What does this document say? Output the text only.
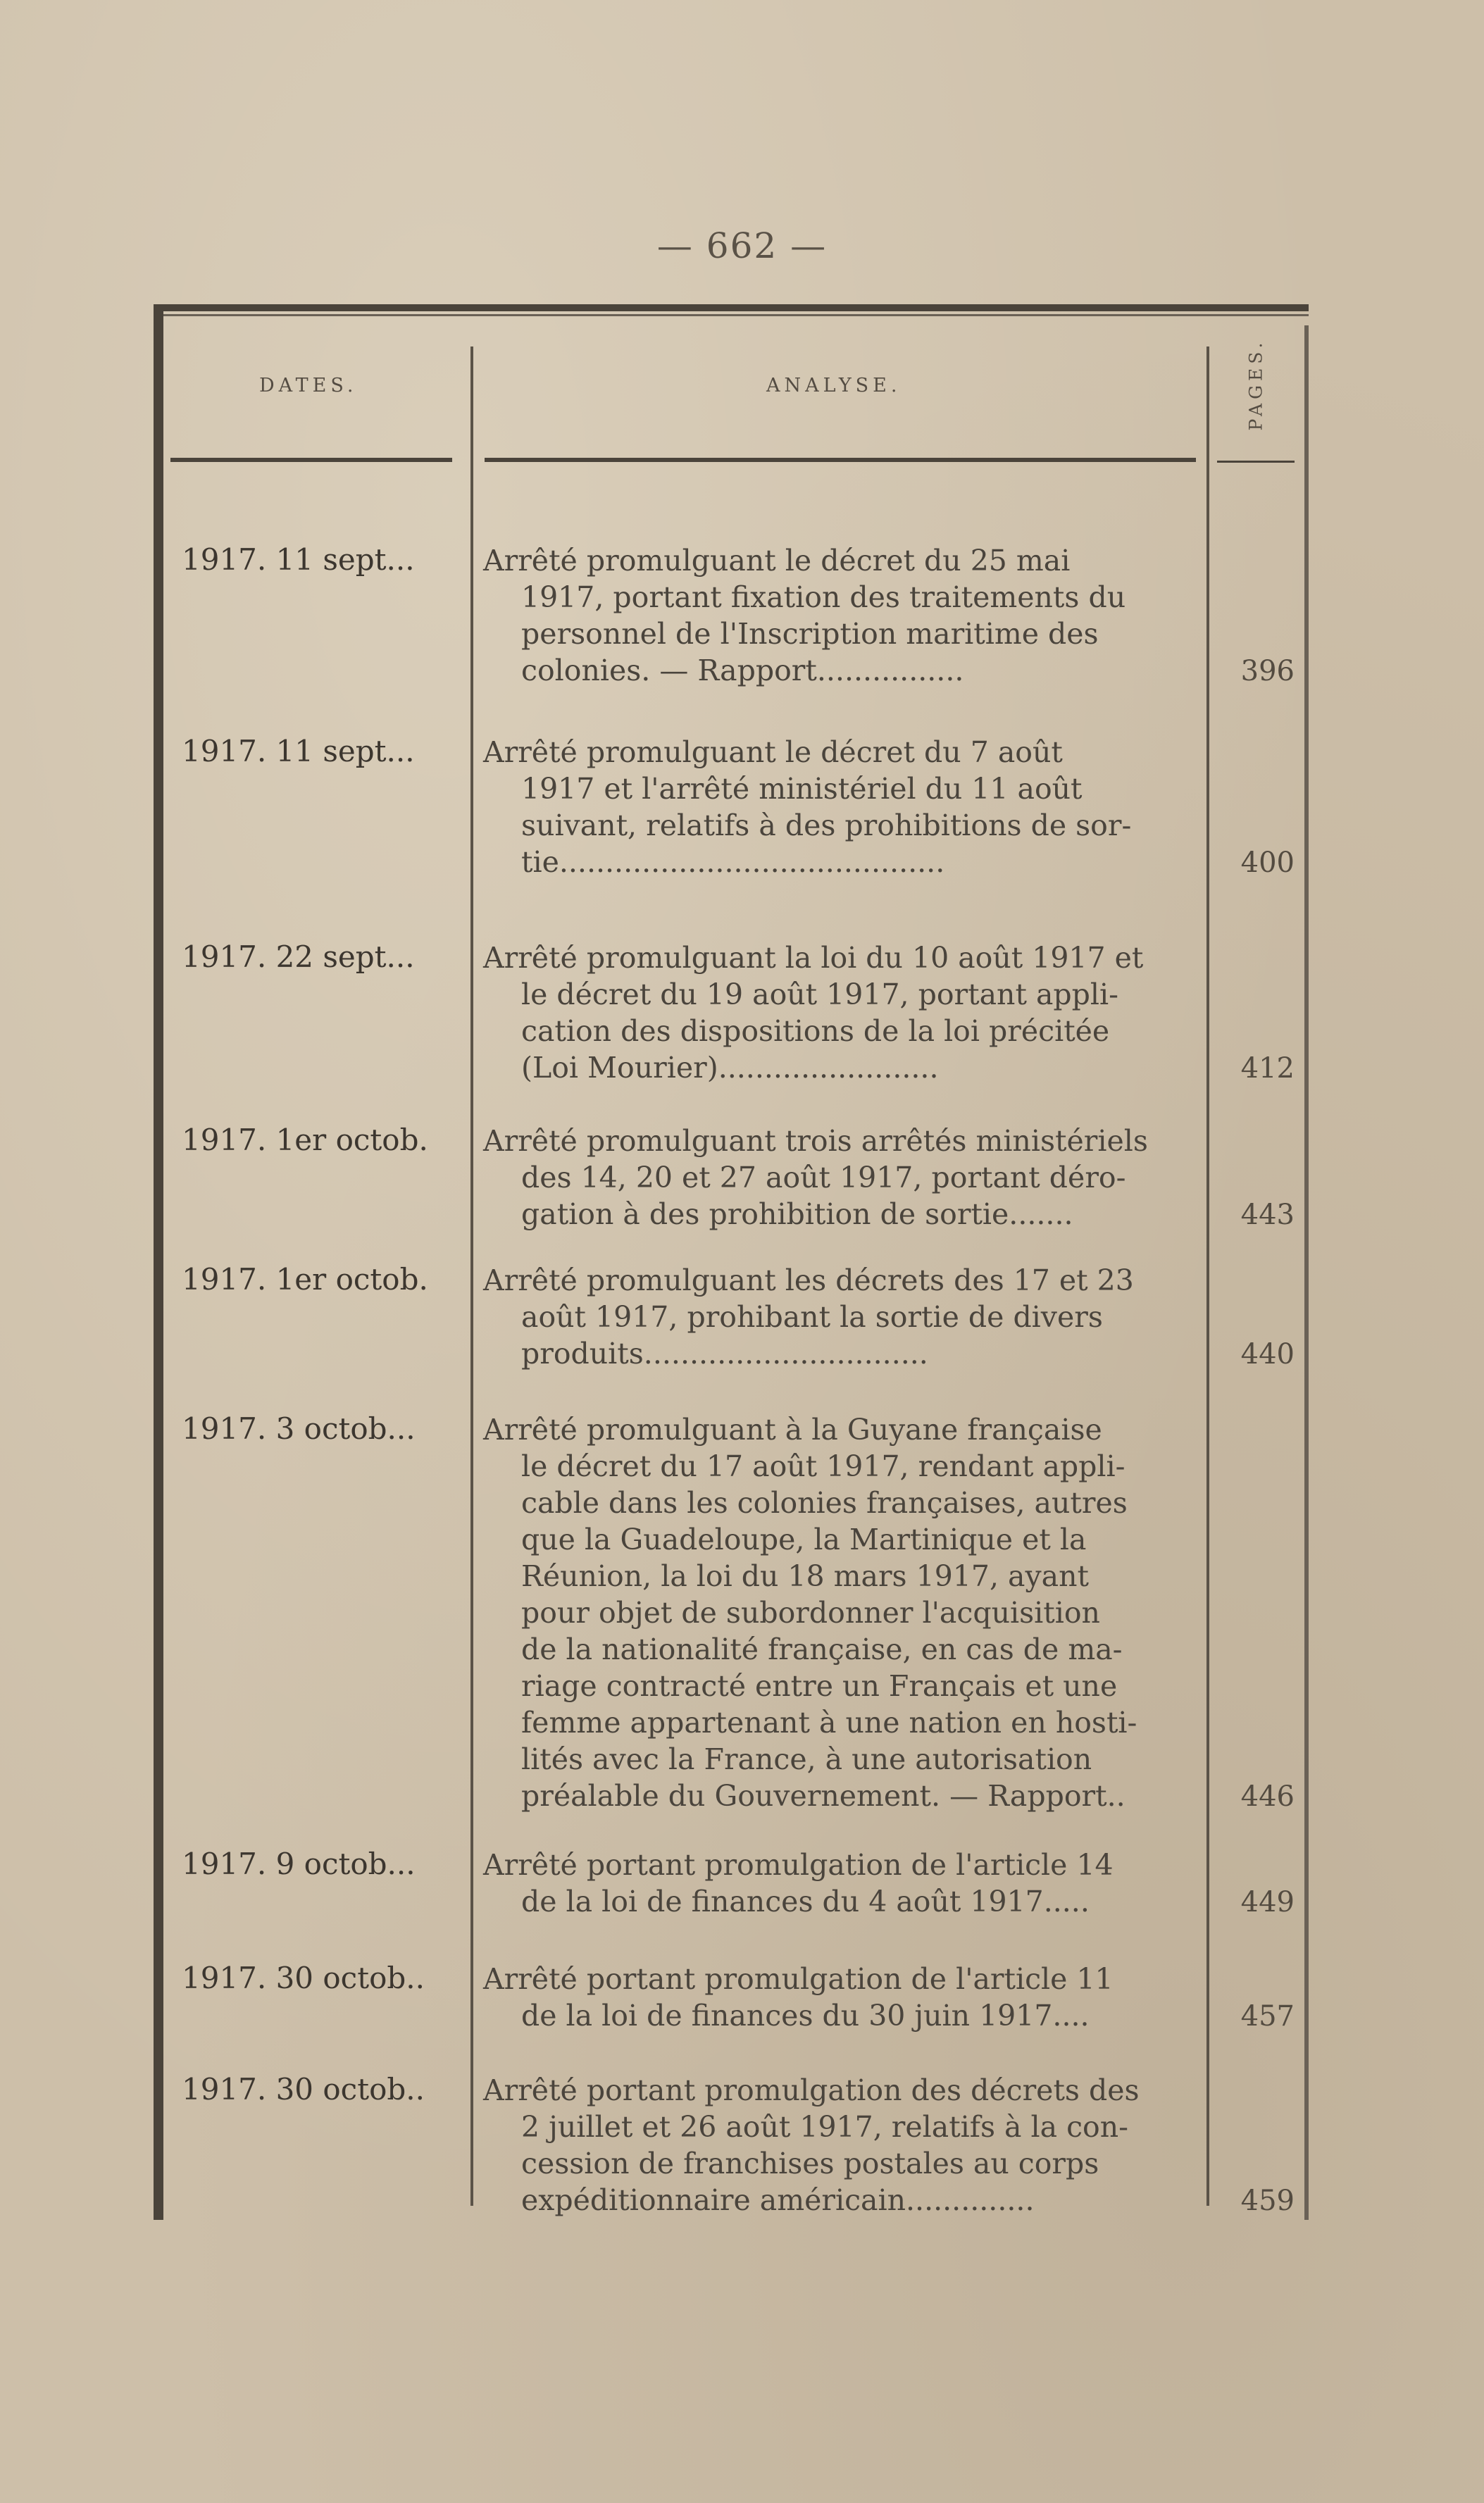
— 662 —
DATES.	ANALYSE.	PAGES.
1917. 11 sept...	Arrêté promulguant le décret du 25 mai
1917, portant fixation des traitements du
personnel de l'Inscription maritime des
colonies. — Rapport................	396
1917. 11 sept...	Arrêté promulguant le décret du 7 août
1917 et l'arrêté ministériel du 11 août
suivant, relatifs à des prohibitions de sor-
tie..........................................	400
1917. 22 sept...	Arrêté promulguant la loi du 10 août 1917 et
le décret du 19 août 1917, portant appli-
cation des dispositions de la loi précitée
(Loi Mourier)........................	412
1917. 1er octob.	Arrêté promulguant trois arrêtés ministériels
des 14, 20 et 27 août 1917, portant déro-
gation à des prohibition de sortie.......	443
1917. 1er octob.	Arrêté promulguant les décrets des 17 et 23
août 1917, prohibant la sortie de divers
produits...............................	440
1917. 3 octob...	Arrêté promulguant à la Guyane française
le décret du 17 août 1917, rendant appli-
cable dans les colonies françaises, autres
que la Guadeloupe, la Martinique et la
Réunion, la loi du 18 mars 1917, ayant
pour objet de subordonner l'acquisition
de la nationalité française, en cas de ma-
riage contracté entre un Français et une
femme appartenant à une nation en hosti-
lités avec la France, à une autorisation
préalable du Gouvernement. — Rapport..	446
1917. 9 octob...	Arrêté portant promulgation de l'article 14
de la loi de finances du 4 août 1917.....	449
1917. 30 octob..	Arrêté portant promulgation de l'article 11
de la loi de finances du 30 juin 1917....	457
1917. 30 octob..	Arrêté portant promulgation des décrets des
2 juillet et 26 août 1917, relatifs à la con-
cession de franchises postales au corps
expéditionnaire américain..............	459
